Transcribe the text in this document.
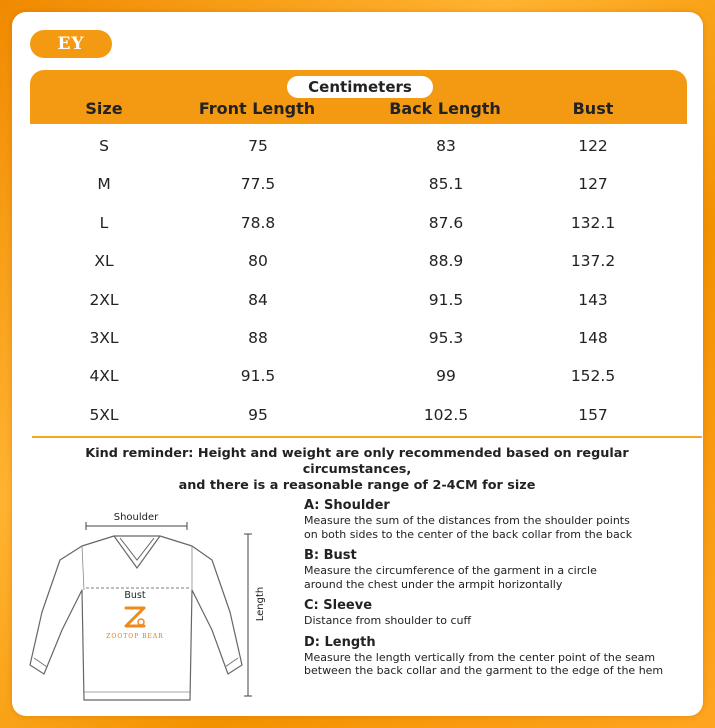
EY
Centimeters
Size	Front Length	Back Length	Bust
S	75	83	122
M	77.5	85.1	127
L	78.8	87.6	132.1
XL	80	88.9	137.2
2XL	84	91.5	143
3XL	88	95.3	148
4XL	91.5	99	152.5
5XL	95	102.5	157
Kind reminder: Height and weight are only recommended based on regular circumstances,
and there is a reasonable range of 2-4CM for size
Shoulder
Bust
ZOOTOP BEAR
Length
A: Shoulder
Measure the sum of the distances from the shoulder points
on both sides to the center of the back collar from the back
B: Bust
Measure the circumference of the garment in a circle
around the chest under the armpit horizontally
C: Sleeve
Distance from shoulder to cuff
D: Length
Measure the length vertically from the center point of the seam
between the back collar and the garment to the edge of the hem
